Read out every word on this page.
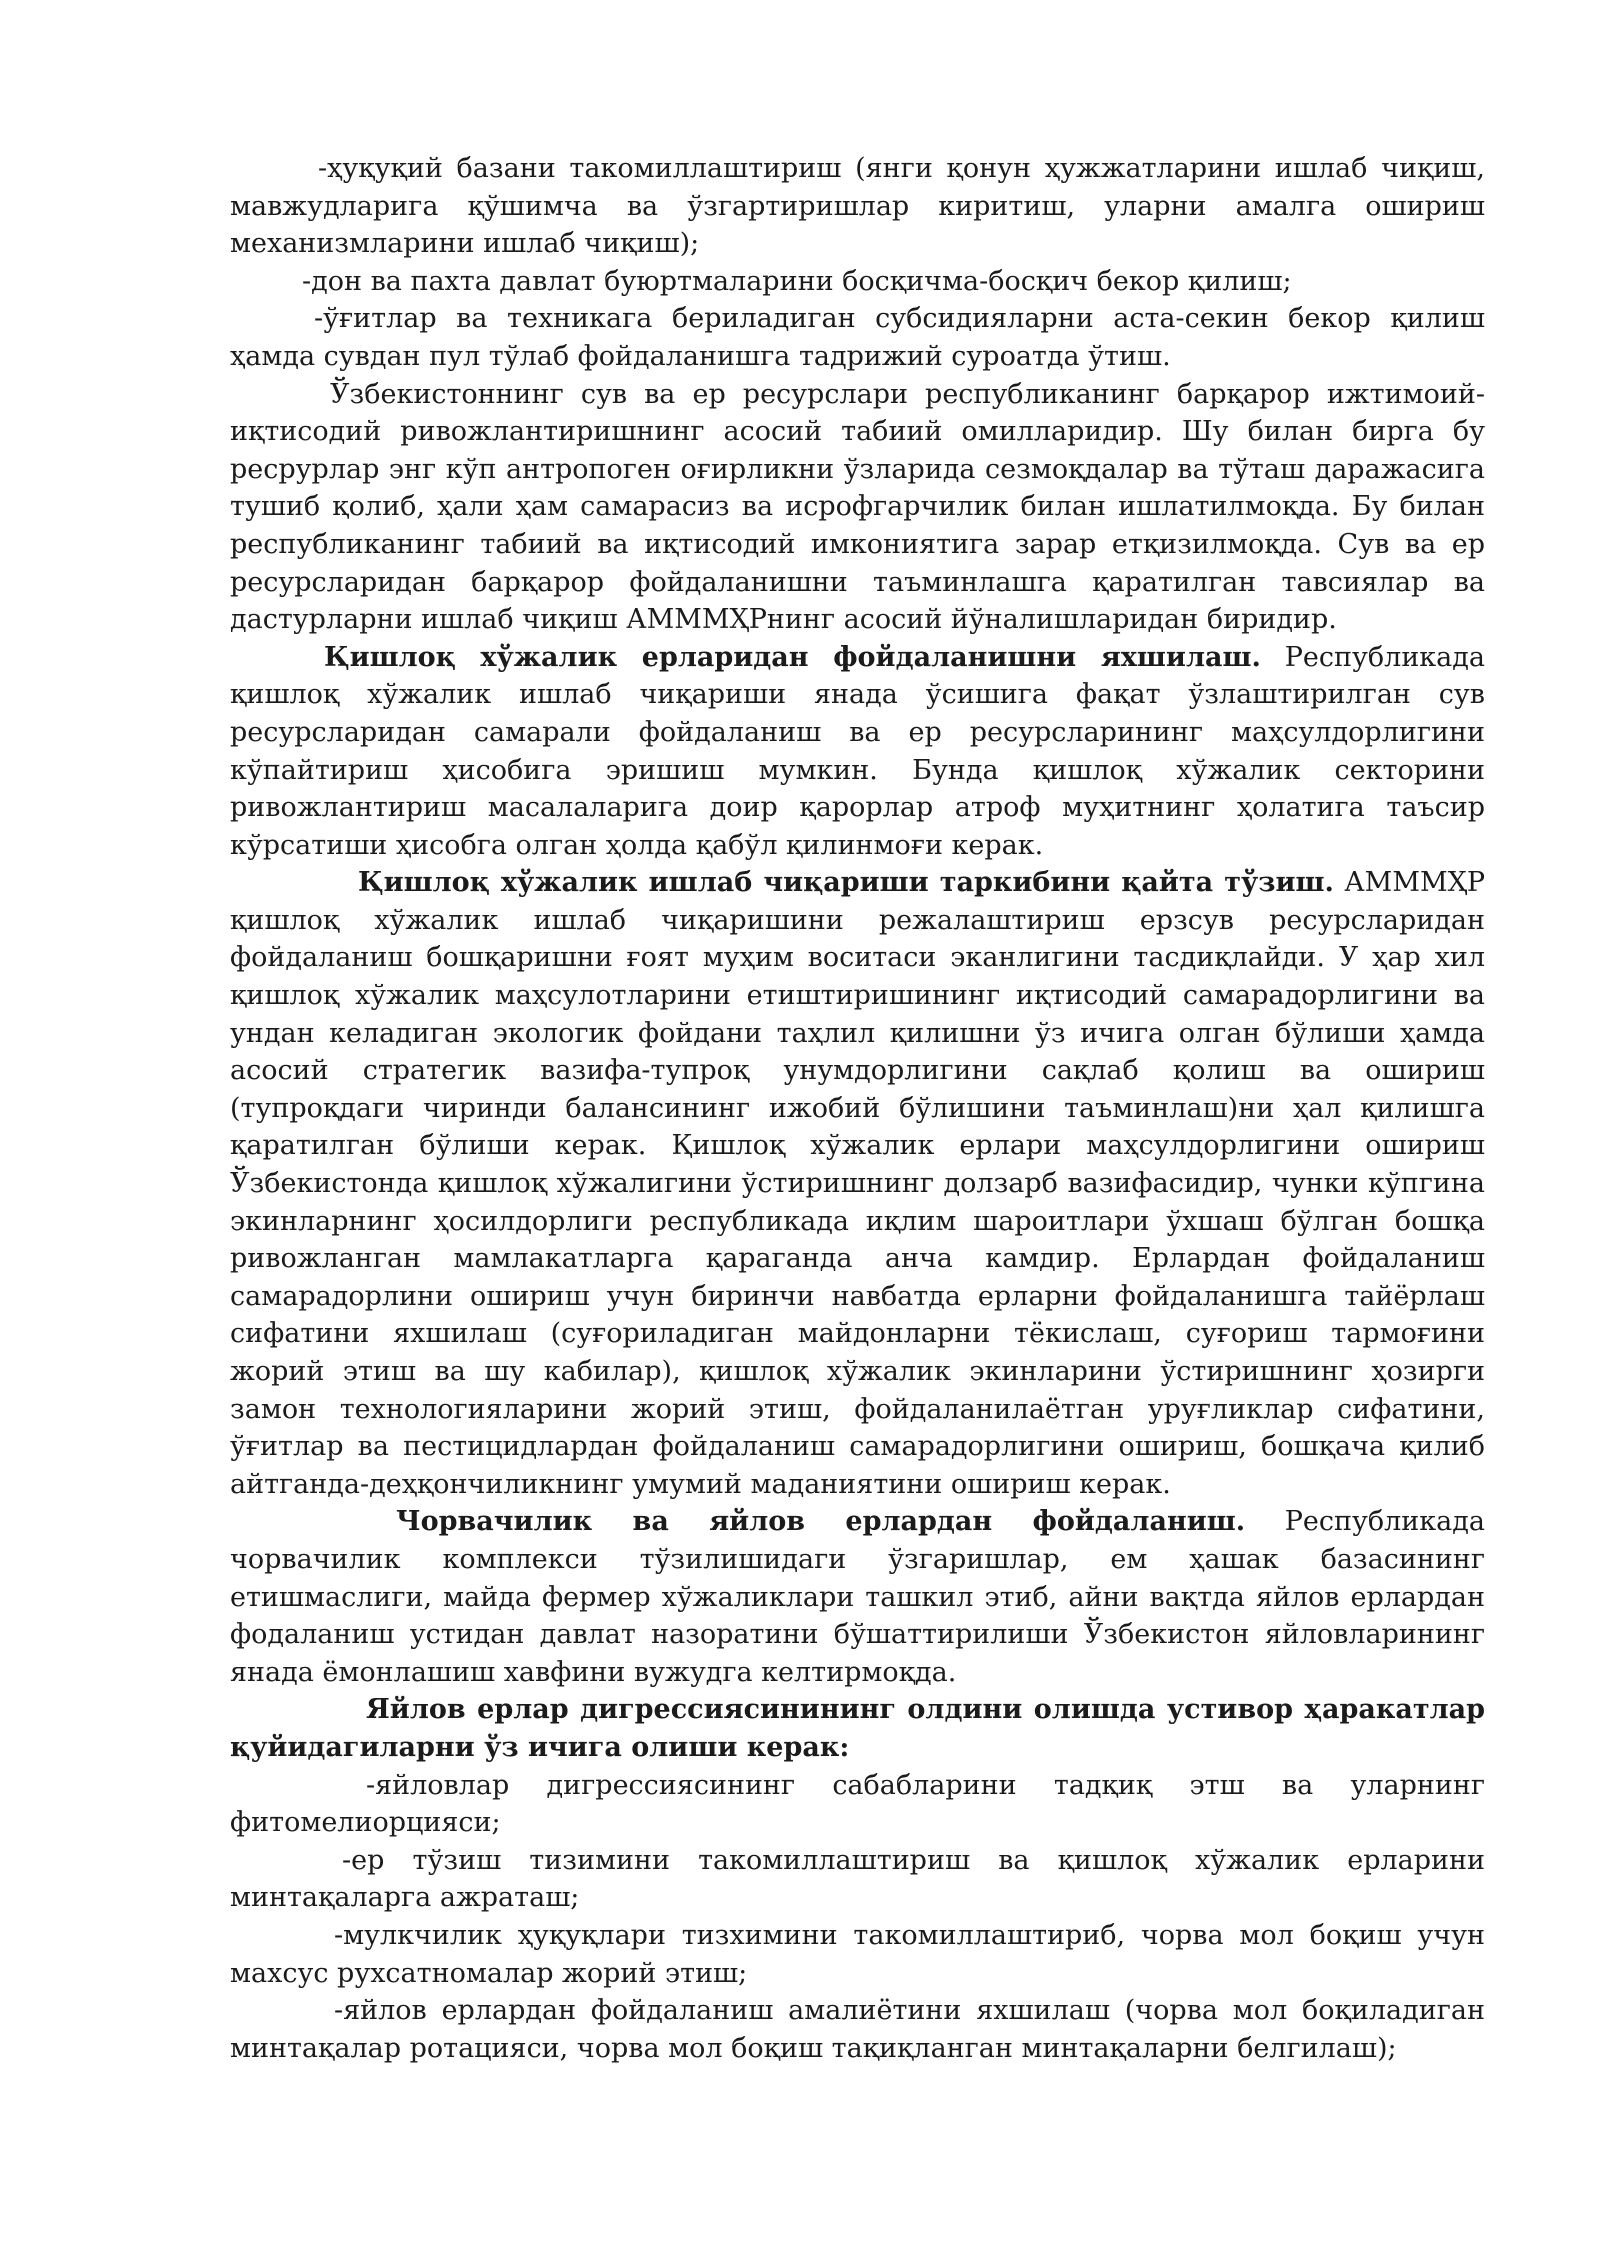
-ҳуқуқий базани такомиллаштириш (янги қонун ҳужжатларини ишлаб чиқиш, мавжудларига қўшимча ва ўзгартиришлар киритиш, уларни амалга ошириш механизмларини ишлаб чиқиш);

-дон ва пахта давлат буюртмаларини босқичма-босқич бекор қилиш;

-ўғитлар ва техникага бериладиган субсидияларни аста-секин бекор қилиш ҳамда сувдан пул тўлаб фойдаланишга тадрижий суроатда ўтиш.

Ўзбекистоннинг сув ва ер ресурслари республиканинг барқарор ижтимоий-иқтисодий ривожлантиришнинг асосий табиий омилларидир. Шу билан бирга бу ресрурлар энг кўп антропоген оғирликни ўзларида сезмоқдалар ва тўташ даражасига тушиб қолиб, ҳали ҳам самарасиз ва исрофгарчилик билан ишлатилмоқда. Бу билан республиканинг табиий ва иқтисодий имкониятига зарар етқизилмоқда. Сув ва ер ресурсларидан барқарор фойдаланишни таъминлашга қаратилган тавсиялар ва дастурларни ишлаб чиқиш АМММҲРнинг асосий йўналишларидан биридир.

Қишлоқ хўжалик ерларидан фойдаланишни яхшилаш. Республикада қишлоқ хўжалик ишлаб чиқариши янада ўсишига фақат ўзлаштирилган сув ресурсларидан самарали фойдаланиш ва ер ресурсларининг маҳсулдорлигини кўпайтириш ҳисобига эришиш мумкин. Бунда қишлоқ хўжалик секторини ривожлантириш масалаларига доир қарорлар атроф муҳитнинг ҳолатига таъсир кўрсатиши ҳисобга олган ҳолда қабўл қилинмоғи керак.

Қишлоқ хўжалик ишлаб чиқариши таркибини қайта тўзиш. АМММҲР қишлоқ хўжалик ишлаб чиқаришини режалаштириш ерзсув ресурсларидан фойдаланиш бошқаришни ғоят муҳим воситаси эканлигини тасдиқлайди. У ҳар хил қишлоқ хўжалик маҳсулотларини етиштиришининг иқтисодий самарадорлигини ва ундан келадиган экологик фойдани таҳлил қилишни ўз ичига олган бўлиши ҳамда асосий стратегик вазифа-тупроқ унумдорлигини сақлаб қолиш ва ошириш (тупроқдаги чиринди балансининг ижобий бўлишини таъминлаш)ни ҳал қилишга қаратилган бўлиши керак. Қишлоқ хўжалик ерлари маҳсулдорлигини ошириш Ўзбекистонда қишлоқ хўжалигини ўстиришнинг долзарб вазифасидир, чунки кўпгина экинларнинг ҳосилдорлиги республикада иқлим шароитлари ўхшаш бўлган бошқа ривожланган мамлакатларга қараганда анча камдир. Ерлардан фойдаланиш самарадорлини ошириш учун биринчи навбатда ерларни фойдаланишга тайёрлаш сифатини яхшилаш (суғориладиган майдонларни тёкислаш, суғориш тармоғини жорий этиш ва шу кабилар), қишлоқ хўжалик экинларини ўстиришнинг ҳозирги замон технологияларини жорий этиш, фойдаланилаётган уруғликлар сифатини, ўғитлар ва пестицидлардан фойдаланиш самарадорлигини ошириш, бошқача қилиб айтганда-деҳқончиликнинг умумий маданиятини ошириш керак.

Чорвачилик ва яйлов ерлардан фойдаланиш. Республикада чорвачилик комплекси тўзилишидаги ўзгаришлар, ем ҳашак базасининг етишмаслиги, майда фермер хўжаликлари ташкил этиб, айни вақтда яйлов ерлардан фодаланиш устидан давлат назоратини бўшаттирилиши Ўзбекистон яйловларининг янада ёмонлашиш хавфини вужудга келтирмоқда.

Яйлов ерлар дигрессиясинининг олдини олишда устивор ҳаракатлар қуйидагиларни ўз ичига олиши керак:

-яйловлар дигрессиясининг сабабларини тадқиқ этш ва уларнинг фитомелиорцияси;

-ер тўзиш тизимини такомиллаштириш ва қишлоқ хўжалик ерларини минтақаларга ажраташ;

-мулкчилик ҳуқуқлари тизхимини такомиллаштириб, чорва мол боқиш учун махсус рухсатномалар жорий этиш;

-яйлов ерлардан фойдаланиш амалиётини яхшилаш (чорва мол боқиладиган минтақалар ротацияси, чорва мол боқиш тақиқланган минтақаларни белгилаш);
